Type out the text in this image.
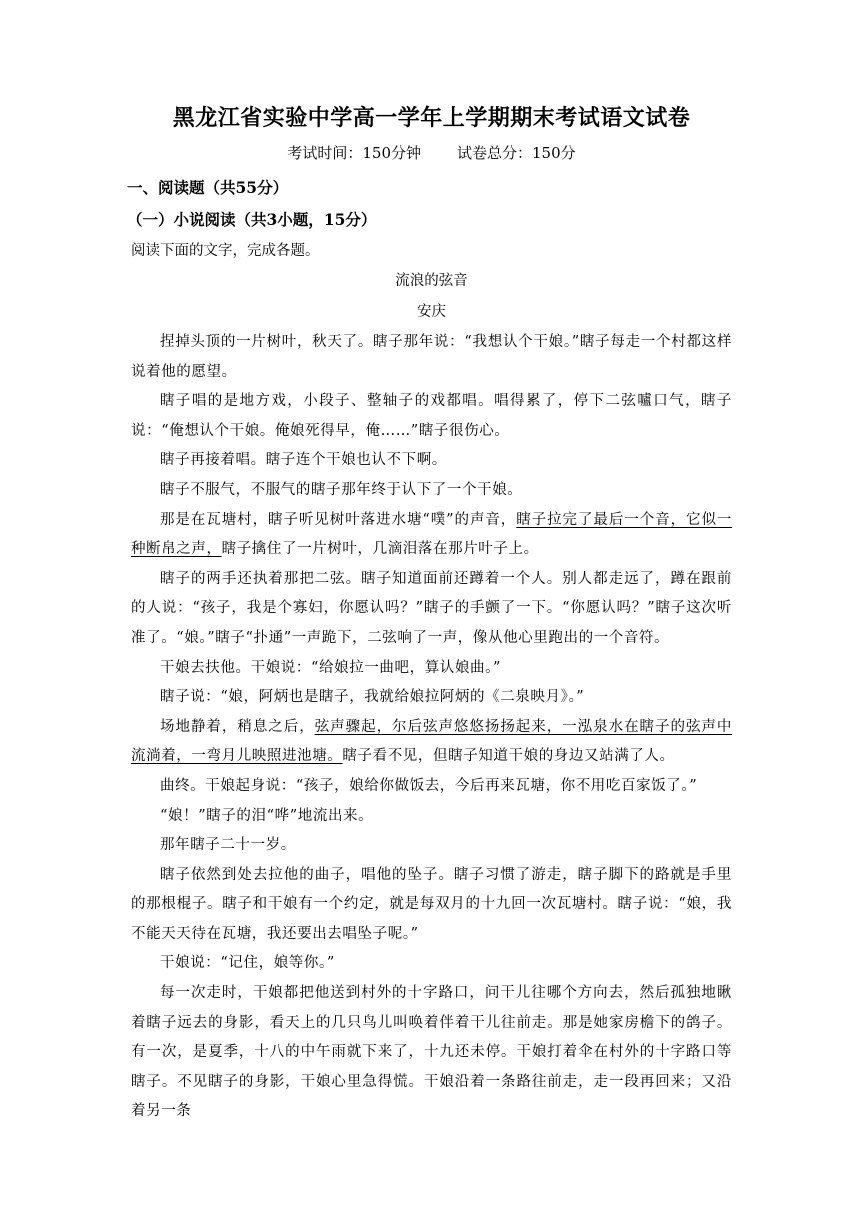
黑龙江省实验中学高一学年上学期期末考试语文试卷

考试时间：150分钟 试卷总分：150分

一、阅读题（共55分）

（一）小说阅读（共3小题，15分）

阅读下面的文字，完成各题。

流浪的弦音

安庆

捏掉头顶的一片树叶，秋天了。瞎子那年说：“我想认个干娘。”瞎子每走一个村都这样说着他的愿望。

瞎子唱的是地方戏，小段子、整轴子的戏都唱。唱得累了，停下二弦嚧口气，瞎子说：“俺想认个干娘。俺娘死得早，俺……”瞎子很伤心。

瞎子再接着唱。瞎子连个干娘也认不下啊。

瞎子不服气，不服气的瞎子那年终于认下了一个干娘。

那是在瓦塘村，瞎子听见树叶落进水塘“噗”的声音，瞎子拉完了最后一个音，它似一种断帛之声，瞎子擒住了一片树叶，几滴泪落在那片叶子上。

瞎子的两手还执着那把二弦。瞎子知道面前还蹲着一个人。别人都走远了，蹲在跟前的人说：“孩子，我是个寡妇，你愿认吗？”瞎子的手颤了一下。“你愿认吗？”瞎子这次听准了。“娘。”瞎子“扑通”一声跪下，二弦响了一声，像从他心里跑出的一个音符。

干娘去扶他。干娘说：“给娘拉一曲吧，算认娘曲。”

瞎子说：“娘，阿炳也是瞎子，我就给娘拉阿炳的《二泉映月》。”

场地静着，稍息之后，弦声骤起，尔后弦声悠悠扬扬起来，一泓泉水在瞎子的弦声中流淌着，一弯月儿映照进池塘。瞎子看不见，但瞎子知道干娘的身边又站满了人。

曲终。干娘起身说：“孩子，娘给你做饭去，今后再来瓦塘，你不用吃百家饭了。”

“娘！”瞎子的泪“哗”地流出来。

那年瞎子二十一岁。

瞎子依然到处去拉他的曲子，唱他的坠子。瞎子习惯了游走，瞎子脚下的路就是手里的那根棍子。瞎子和干娘有一个约定，就是每双月的十九回一次瓦塘村。瞎子说：“娘，我不能天天待在瓦塘，我还要出去唱坠子呢。”

干娘说：“记住，娘等你。”

每一次走时，干娘都把他送到村外的十字路口，问干儿往哪个方向去，然后孤独地瞅着瞎子远去的身影，看天上的几只鸟儿叫唤着伴着干儿往前走。那是她家房檐下的鸽子。有一次，是夏季，十八的中午雨就下来了，十九还未停。干娘打着伞在村外的十字路口等瞎子。不见瞎子的身影，干娘心里急得慌。干娘沿着一条路往前走，走一段再回来；又沿着另一条
